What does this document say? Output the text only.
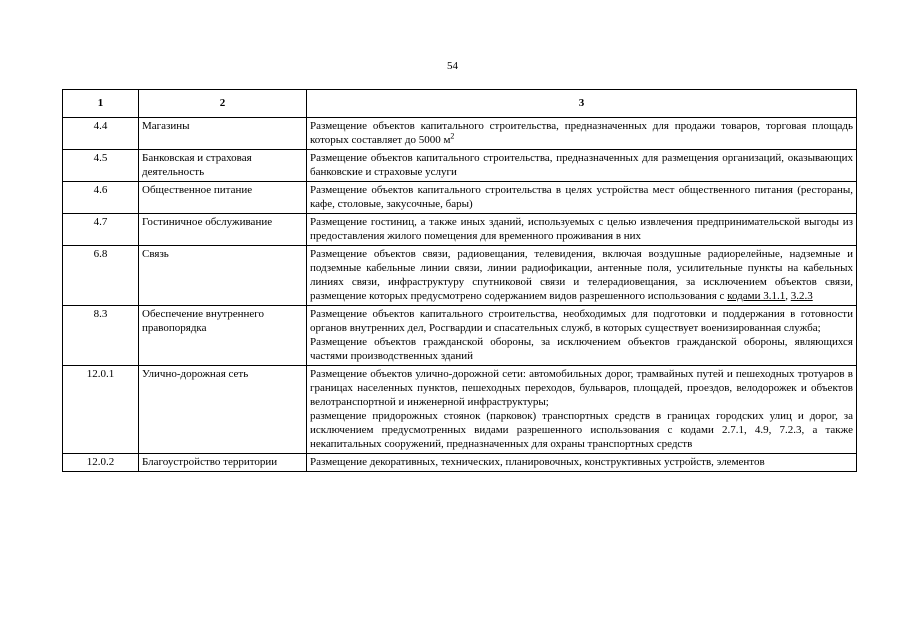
54
1	2	3
4.4	Магазины	Размещение объектов капитального строительства, предназначенных для продажи товаров, торговая площадь которых составляет до 5000 $м^2$
4.5	Банковская и страховая деятельность	Размещение объектов капитального строительства, предназначенных для размещения организаций, оказывающих банковские и страховые услуги
4.6	Общественное питание	Размещение объектов капитального строительства в целях устройства мест общественного питания (рестораны, кафе, столовые, закусочные, бары)
4.7	Гостиничное обслуживание	Размещение гостиниц, а также иных зданий, используемых с целью извлечения предпринимательской выгоды из предоставления жилого помещения для временного проживания в них
6.8	Связь	Размещение объектов связи, радиовещания, телевидения, включая воздушные радиорелейные, надземные и подземные кабельные линии связи, линии радиофикации, антенные поля, усилительные пункты на кабельных линиях связи, инфраструктуру спутниковой связи и телерадиовещания, за исключением объектов связи, размещение которых предусмотрено содержанием видов разрешенного использования с кодами 3.1.1, 3.2.3
8.3	Обеспечение внутреннего правопорядка	Размещение объектов капитального строительства, необходимых для подготовки и поддержания в готовности органов внутренних дел, Росгвардии и спасательных служб, в которых существует военизированная служба;
Размещение объектов гражданской обороны, за исключением объектов гражданской обороны, являющихся частями производственных зданий

12.0.1	Улично-дорожная сеть	Размещение объектов улично-дорожной сети: автомобильных дорог, трамвайных путей и пешеходных тротуаров в границах населенных пунктов, пешеходных переходов, бульваров, площадей, проездов, велодорожек и объектов велотранспортной и инженерной инфраструктуры;
размещение придорожных стоянок (парковок) транспортных средств в границах городских улиц и дорог, за исключением предусмотренных видами разрешенного использования с кодами 2.7.1, 4.9, 7.2.3, а также некапитальных сооружений, предназначенных для охраны транспортных средств

12.0.2	Благоустройство территории	Размещение декоративных, технических, планировочных, конструктивных устройств, элементов
